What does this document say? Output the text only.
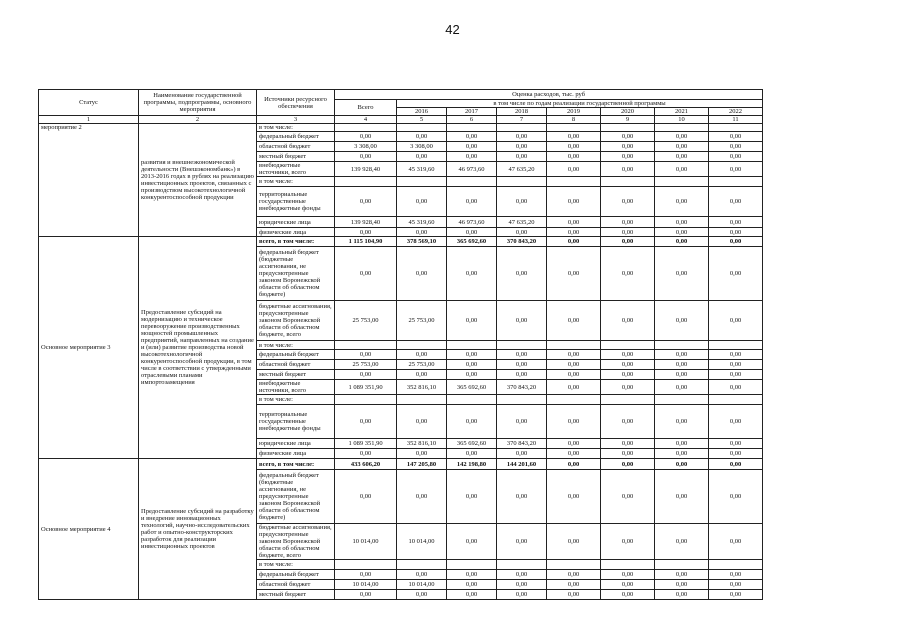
42
Статус	Наименование государственной программы, подпрограммы, основного мероприятия	Источники ресурсного обеспечения	Оценка расходов, тыс. руб							
			Всего	в том числе по годам реализации государственной программы						
				2016	2017	2018	2019	2020	2021	2022
1	2	3	4	5	6	7	8	9	10	11
мероприятие 2	развития и внешнеэкономической деятельности (Внешэкономбанк») в 2013-2016 годах в рублях на реализацию инвестиционных проектов, связанных с производством высокотехнологичной конкурентоспособной продукции	в том числе:								
		федеральный бюджет	0,00	0,00	0,00	0,00	0,00	0,00	0,00	0,00
		областной бюджет	3 308,00	3 308,00	0,00	0,00	0,00	0,00	0,00	0,00
		местный бюджет	0,00	0,00	0,00	0,00	0,00	0,00	0,00	0,00
		внебюджетные источники, всего	139 928,40	45 319,60	46 973,60	47 635,20	0,00	0,00	0,00	0,00
		в том числе:								
		территориальные государственные внебюджетные фонды	0,00	0,00	0,00	0,00	0,00	0,00	0,00	0,00
		юридические лица	139 928,40	45 319,60	46 973,60	47 635,20	0,00	0,00	0,00	0,00
		физические лица	0,00	0,00	0,00	0,00	0,00	0,00	0,00	0,00
Основное мероприятие 3	Предоставление субсидий на модернизацию и техническое перевооружение производственных мощностей промышленных предприятий, направленных на создание и (или) развитие производства новой высокотехнологичной конкурентоспособной продукции, в том числе в соответствии с утвержденными отраслевыми планами импортозамещения	всего, в том числе:	1 115 104,90	378 569,10	365 692,60	370 843,20	0,00	0,00	0,00	0,00
		федеральный бюджет (бюджетные ассигнования, не предусмотренные законом Воронежской области об областном бюджете)	0,00	0,00	0,00	0,00	0,00	0,00	0,00	0,00
		бюджетные ассигнования, предусмотренные законом Воронежской области об областном бюджете, всего	25 753,00	25 753,00	0,00	0,00	0,00	0,00	0,00	0,00
		в том числе:								
		федеральный бюджет	0,00	0,00	0,00	0,00	0,00	0,00	0,00	0,00
		областной бюджет	25 753,00	25 753,00	0,00	0,00	0,00	0,00	0,00	0,00
		местный бюджет	0,00	0,00	0,00	0,00	0,00	0,00	0,00	0,00
		внебюджетные источники, всего	1 089 351,90	352 816,10	365 692,60	370 843,20	0,00	0,00	0,00	0,00
		в том числе:								
		территориальные государственные внебюджетные фонды	0,00	0,00	0,00	0,00	0,00	0,00	0,00	0,00
		юридические лица	1 089 351,90	352 816,10	365 692,60	370 843,20	0,00	0,00	0,00	0,00
		физические лица	0,00	0,00	0,00	0,00	0,00	0,00	0,00	0,00
Основное мероприятие 4	Предоставление субсидий на разработку и внедрение инновационных технологий, научно-исследовательских работ и опытно-конструкторских разработок для реализации инвестиционных проектов	всего, в том числе:	433 606,20	147 205,80	142 198,80	144 201,60	0,00	0,00	0,00	0,00
		федеральный бюджет (бюджетные ассигнования, не предусмотренные законом Воронежской области об областном бюджете)	0,00	0,00	0,00	0,00	0,00	0,00	0,00	0,00
		бюджетные ассигнования, предусмотренные законом Воронежской области об областном бюджете, всего	10 014,00	10 014,00	0,00	0,00	0,00	0,00	0,00	0,00
		в том числе:								
		федеральный бюджет	0,00	0,00	0,00	0,00	0,00	0,00	0,00	0,00
		областной бюджет	10 014,00	10 014,00	0,00	0,00	0,00	0,00	0,00	0,00
		местный бюджет	0,00	0,00	0,00	0,00	0,00	0,00	0,00	0,00
